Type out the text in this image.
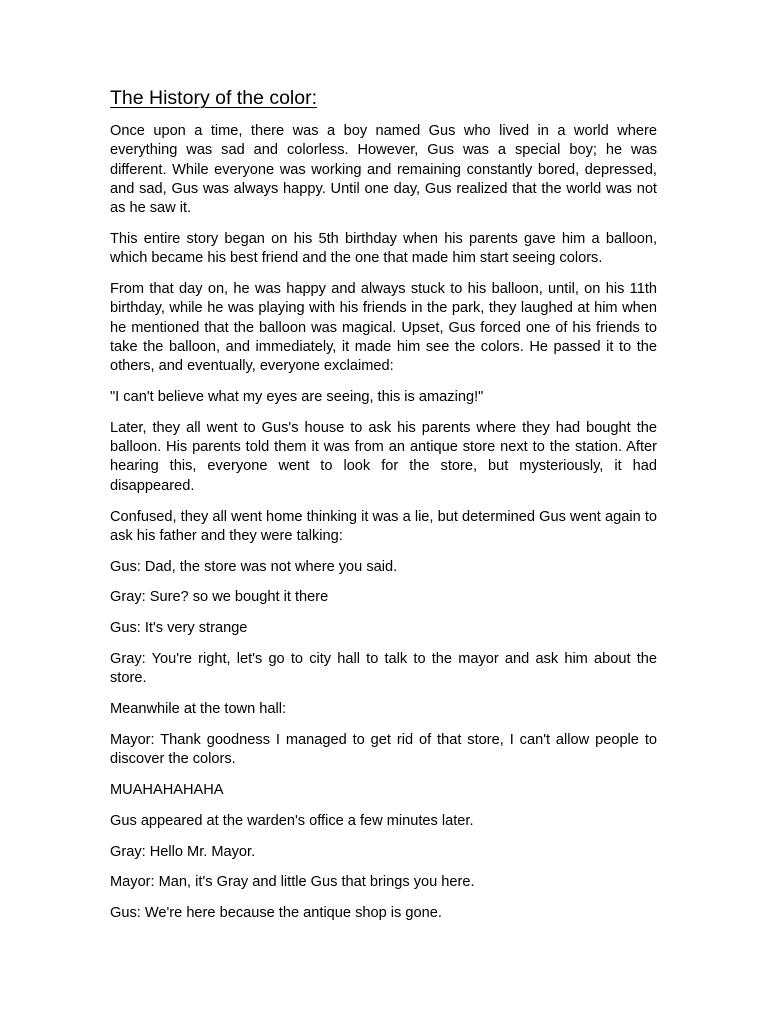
The History of the color:

Once upon a time, there was a boy named Gus who lived in a world where everything was sad and colorless. However, Gus was a special boy; he was different. While everyone was working and remaining constantly bored, depressed, and sad, Gus was always happy. Until one day, Gus realized that the world was not as he saw it.

This entire story began on his 5th birthday when his parents gave him a balloon, which became his best friend and the one that made him start seeing colors.

From that day on, he was happy and always stuck to his balloon, until, on his 11th birthday, while he was playing with his friends in the park, they laughed at him when he mentioned that the balloon was magical. Upset, Gus forced one of his friends to take the balloon, and immediately, it made him see the colors. He passed it to the others, and eventually, everyone exclaimed:

"I can't believe what my eyes are seeing, this is amazing!"

Later, they all went to Gus's house to ask his parents where they had bought the balloon. His parents told them it was from an antique store next to the station. After hearing this, everyone went to look for the store, but mysteriously, it had disappeared.

Confused, they all went home thinking it was a lie, but determined Gus went again to ask his father and they were talking:

Gus: Dad, the store was not where you said.

Gray: Sure? so we bought it there

Gus: It's very strange

Gray: You're right, let's go to city hall to talk to the mayor and ask him about the store.

Meanwhile at the town hall:

Mayor: Thank goodness I managed to get rid of that store, I can't allow people to discover the colors.

MUAHAHAHAHA

Gus appeared at the warden's office a few minutes later.

Gray: Hello Mr. Mayor.

Mayor: Man, it's Gray and little Gus that brings you here.

Gus: We're here because the antique shop is gone.
